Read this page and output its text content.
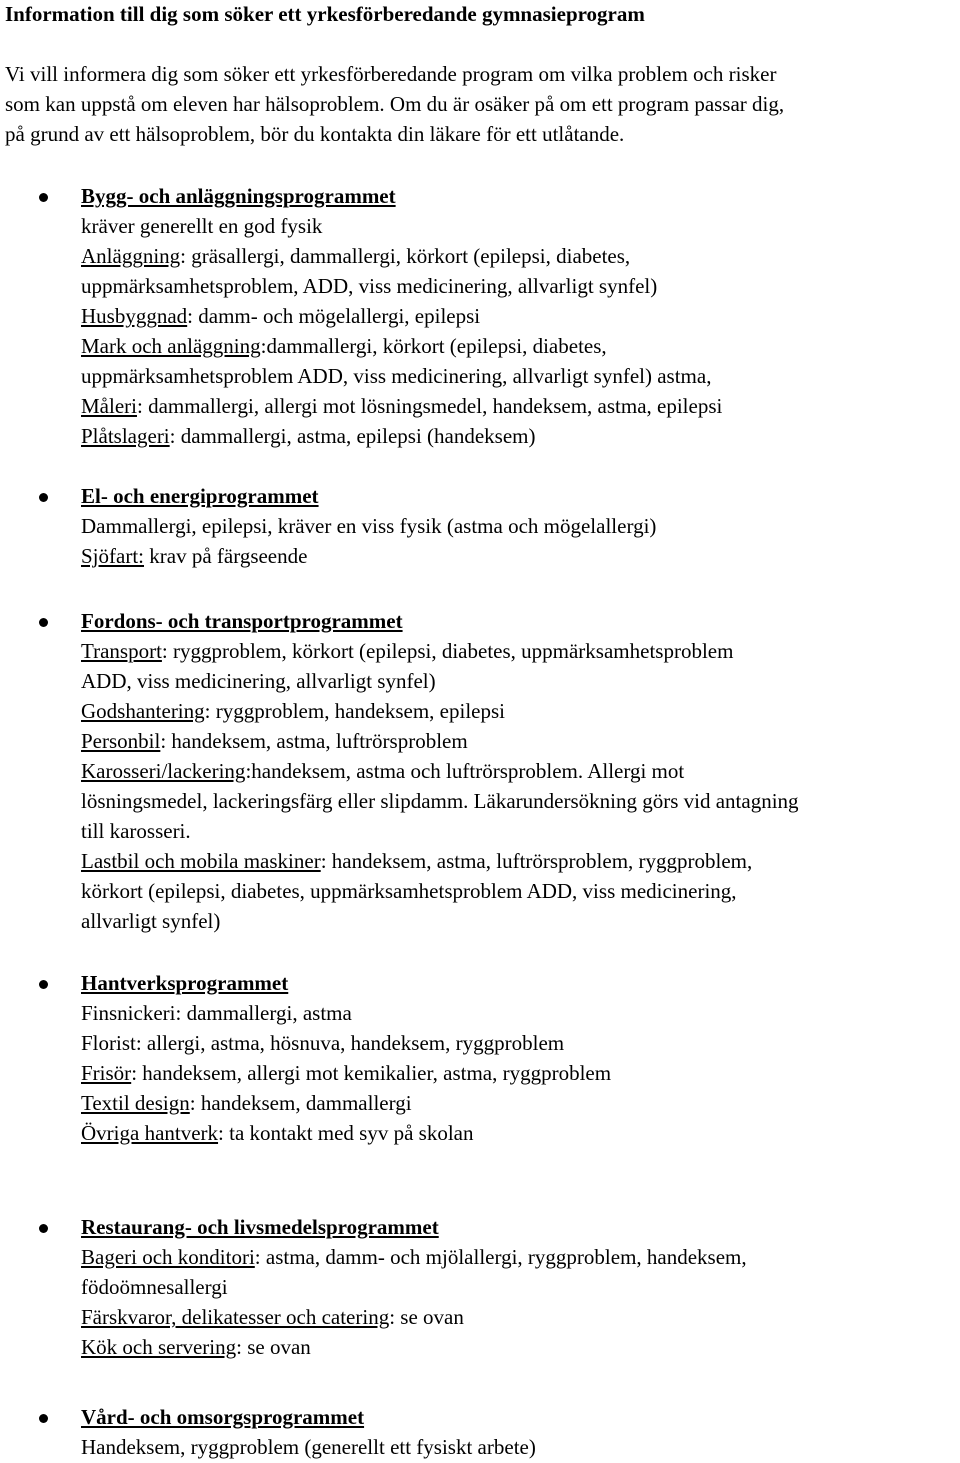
Information till dig som söker ett yrkesförberedande gymnasieprogram

Vi vill informera dig som söker ett yrkesförberedande program om vilka problem och risker

som kan uppstå om eleven har hälsoproblem. Om du är osäker på om ett program passar dig,

på grund av ett hälsoproblem, bör du kontakta din läkare för ett utlåtande.

Bygg- och anläggningsprogrammet

kräver generellt en god fysik

Anläggning: gräsallergi, dammallergi, körkort (epilepsi, diabetes,

uppmärksamhetsproblem, ADD, viss medicinering, allvarligt synfel)

Husbyggnad: damm- och mögelallergi, epilepsi

Mark och anläggning:dammallergi, körkort (epilepsi, diabetes,

uppmärksamhetsproblem ADD, viss medicinering, allvarligt synfel) astma,

Måleri: dammallergi, allergi mot lösningsmedel, handeksem, astma, epilepsi

Plåtslageri: dammallergi, astma, epilepsi (handeksem)

El- och energiprogrammet

Dammallergi, epilepsi, kräver en viss fysik (astma och mögelallergi)

Sjöfart: krav på färgseende

Fordons- och transportprogrammet

Transport: ryggproblem, körkort (epilepsi, diabetes, uppmärksamhetsproblem

ADD, viss medicinering, allvarligt synfel)

Godshantering: ryggproblem, handeksem, epilepsi

Personbil: handeksem, astma, luftrörsproblem

Karosseri/lackering:handeksem, astma och luftrörsproblem. Allergi mot

lösningsmedel, lackeringsfärg eller slipdamm. Läkarundersökning görs vid antagning

till karosseri.

Lastbil och mobila maskiner: handeksem, astma, luftrörsproblem, ryggproblem,

körkort (epilepsi, diabetes, uppmärksamhetsproblem ADD, viss medicinering,

allvarligt synfel)

Hantverksprogrammet

Finsnickeri: dammallergi, astma

Florist: allergi, astma, hösnuva, handeksem, ryggproblem

Frisör: handeksem, allergi mot kemikalier, astma, ryggproblem

Textil design: handeksem, dammallergi

Övriga hantverk: ta kontakt med syv på skolan

Restaurang- och livsmedelsprogrammet

Bageri och konditori: astma, damm- och mjölallergi, ryggproblem, handeksem,

födoömnesallergi

Färskvaror, delikatesser och catering: se ovan

Kök och servering: se ovan

Vård- och omsorgsprogrammet

Handeksem, ryggproblem (generellt ett fysiskt arbete)
